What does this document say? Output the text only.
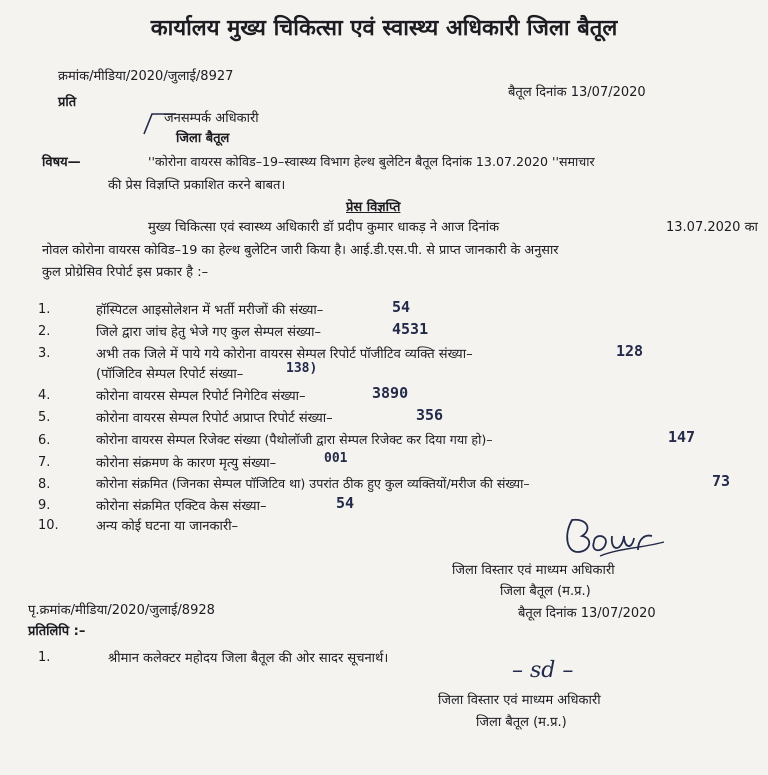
कार्यालय मुख्य चिकित्सा एवं स्वास्थ्य अधिकारी जिला बैतूल
क्रमांक/मीडिया/2020/जुलाई/8927
बैतूल दिनांक 13/07/2020
प्रति
जनसम्पर्क अधिकारी
जिला बैतूल
विषय—	''कोरोना वायरस कोविड–19–स्वास्थ्य विभाग हेल्थ बुलेटिन बैतूल दिनांक 13.07.2020 ''समाचार
की प्रेस विज्ञप्ति प्रकाशित करने बाबत।
प्रेस विज्ञप्ति
मुख्य चिकित्सा एवं स्वास्थ्य अधिकारी डॉ प्रदीप कुमार धाकड़ ने आज दिनांक	13.07.2020 का
नोवल कोरोना वायरस कोविड–19 का हेल्थ बुलेटिन जारी किया है। आई.डी.एस.पी. से प्राप्त जानकारी के अनुसार
कुल प्रोग्रेसिव रिपोर्ट इस प्रकार है :–
1.	हॉस्पिटल आइसोलेशन में भर्ती मरीजों की संख्या–	54
2.	जिले द्वारा जांच हेतु भेजे गए कुल सेम्पल संख्या–	4531
3.	अभी तक जिले में पाये गये कोरोना वायरस सेम्पल रिपोर्ट पॉजीटिव व्यक्ति संख्या–	128
(पॉजिटिव सेम्पल रिपोर्ट संख्या–	138)
4.	कोरोना वायरस सेम्पल रिपोर्ट निगेटिव संख्या–	3890
5.	कोरोना वायरस सेम्पल रिपोर्ट अप्राप्त रिपोर्ट संख्या–	356
6.	कोरोना वायरस सेम्पल रिजेक्ट संख्या (पैथोलॉजी द्वारा सेम्पल रिजेक्ट कर दिया गया हो)–	147
7.	कोरोना संक्रमण के कारण मृत्यु संख्या–	001
8.	कोरोना संक्रमित (जिनका सेम्पल पॉजिटिव था) उपरांत ठीक हुए कुल व्यक्तियों/मरीज की संख्या–	73
9.	कोरोना संक्रमित एक्टिव केस संख्या–	54
10.	अन्य कोई घटना या जानकारी–
जिला विस्तार एवं माध्यम अधिकारी
जिला बैतूल (म.प्र.)
पृ.क्रमांक/मीडिया/2020/जुलाई/8928	बैतूल दिनांक 13/07/2020
प्रतिलिपि :–
1.	श्रीमान कलेक्टर महोदय जिला बैतूल की ओर सादर सूचनार्थ।	– sd –
जिला विस्तार एवं माध्यम अधिकारी
जिला बैतूल (म.प्र.)
